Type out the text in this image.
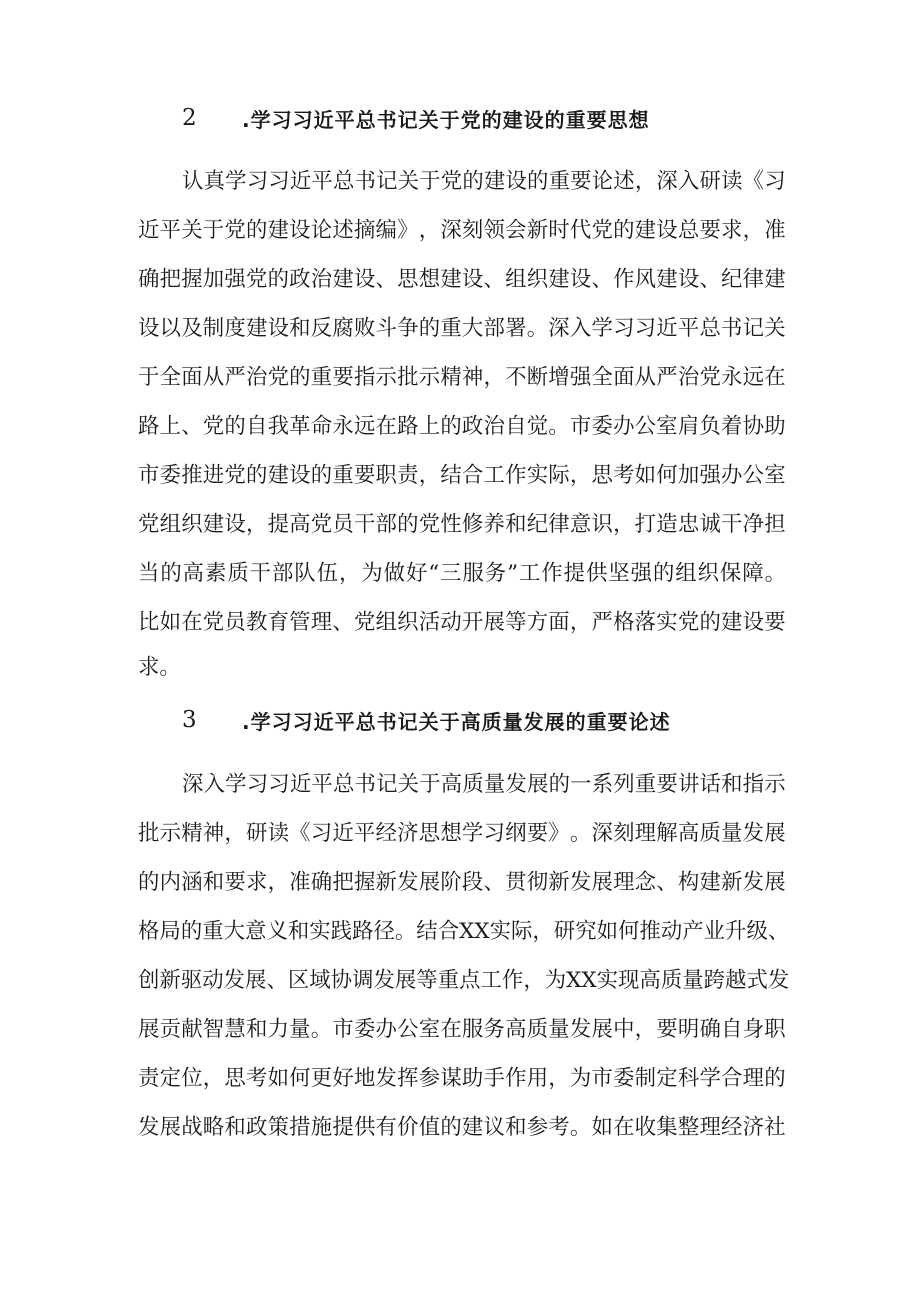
2	.学习习近平总书记关于党的建设的重要思想
认 真 学 习 习 近 平 总 书 记 关 于 党 的 建 设 的 重 要 论 述 ， 深 入 研 读 《 习
近 平 关 于 党 的 建 设 论 述 摘 编 》 ， 深 刻 领 会 新 时 代 党 的 建 设 总 要 求 ， 准
确 把 握 加 强 党 的 政 治 建 设 、 思 想 建 设 、 组 织 建 设 、 作 风 建 设 、 纪 律 建
设 以 及 制 度 建 设 和 反 腐 败 斗 争 的 重 大 部 署 。 深 入 学 习 习 近 平 总 书 记 关
于 全 面 从 严 治 党 的 重 要 指 示 批 示 精 神 ， 不 断 增 强 全 面 从 严 治 党 永 远 在
路 上 、 党 的 自 我 革 命 永 远 在 路 上 的 政 治 自 觉 。 市 委 办 公 室 肩 负 着 协 助
市 委 推 进 党 的 建 设 的 重 要 职 责 ， 结 合 工 作 实 际 ， 思 考 如 何 加 强 办 公 室
党 组 织 建 设 ， 提 高 党 员 干 部 的 党 性 修 养 和 纪 律 意 识 ， 打 造 忠 诚 干 净 担
当 的 高 素 质 干 部 队 伍 ， 为 做 好 “ 三 服 务 ” 工 作 提 供 坚 强 的 组 织 保 障 。
比 如 在 党 员 教 育 管 理 、 党 组 织 活 动 开 展 等 方 面 ， 严 格 落 实 党 的 建 设 要
求。
3	.学习习近平总书记关于高质量发展的重要论述
深 入 学 习 习 近 平 总 书 记 关 于 高 质 量 发 展 的 一 系 列 重 要 讲 话 和 指 示
批 示 精 神 ， 研 读 《 习 近 平 经 济 思 想 学 习 纲 要 》 。 深 刻 理 解 高 质 量 发 展
的 内 涵 和 要 求 ， 准 确 把 握 新 发 展 阶 段 、 贯 彻 新 发 展 理 念 、 构 建 新 发 展
格 局 的 重 大 意 义 和 实 践 路 径 。 结 合 X X 实 际 ， 研 究 如 何 推 动 产 业 升 级 、
创 新 驱 动 发 展 、 区 域 协 调 发 展 等 重 点 工 作 ， 为 X X 实 现 高 质 量 跨 越 式 发
展 贡 献 智 慧 和 力 量 。 市 委 办 公 室 在 服 务 高 质 量 发 展 中 ， 要 明 确 自 身 职
责 定 位 ， 思 考 如 何 更 好 地 发 挥 参 谋 助 手 作 用 ， 为 市 委 制 定 科 学 合 理 的
发 展 战 略 和 政 策 措 施 提 供 有 价 值 的 建 议 和 参 考 。 如 在 收 集 整 理 经 济 社
